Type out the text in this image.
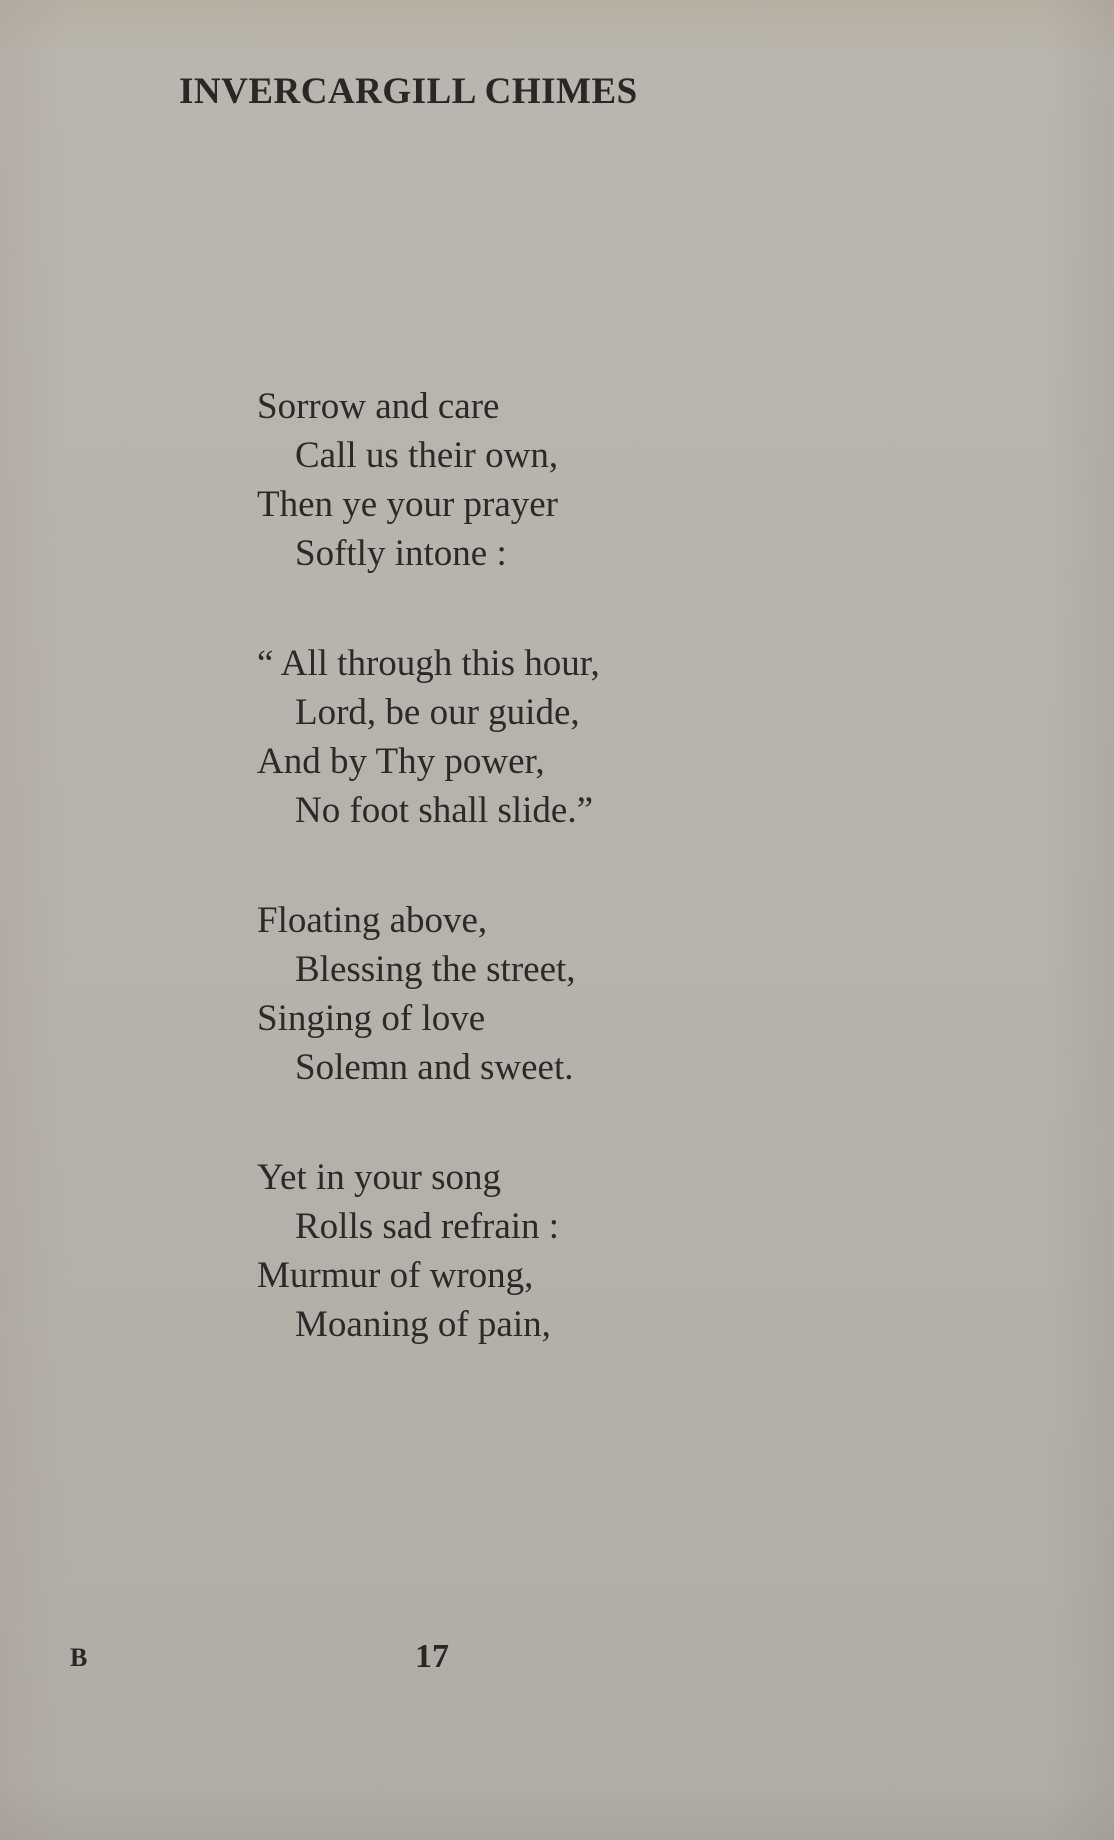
INVERCARGILL CHIMES
Sorrow and care
Call us their own,
Then ye your prayer
Softly intone :
“ All through this hour,
Lord, be our guide,
And by Thy power,
No foot shall slide.”
Floating above,
Blessing the street,
Singing of love
Solemn and sweet.
Yet in your song
Rolls sad refrain :
Murmur of wrong,
Moaning of pain,
B	17
